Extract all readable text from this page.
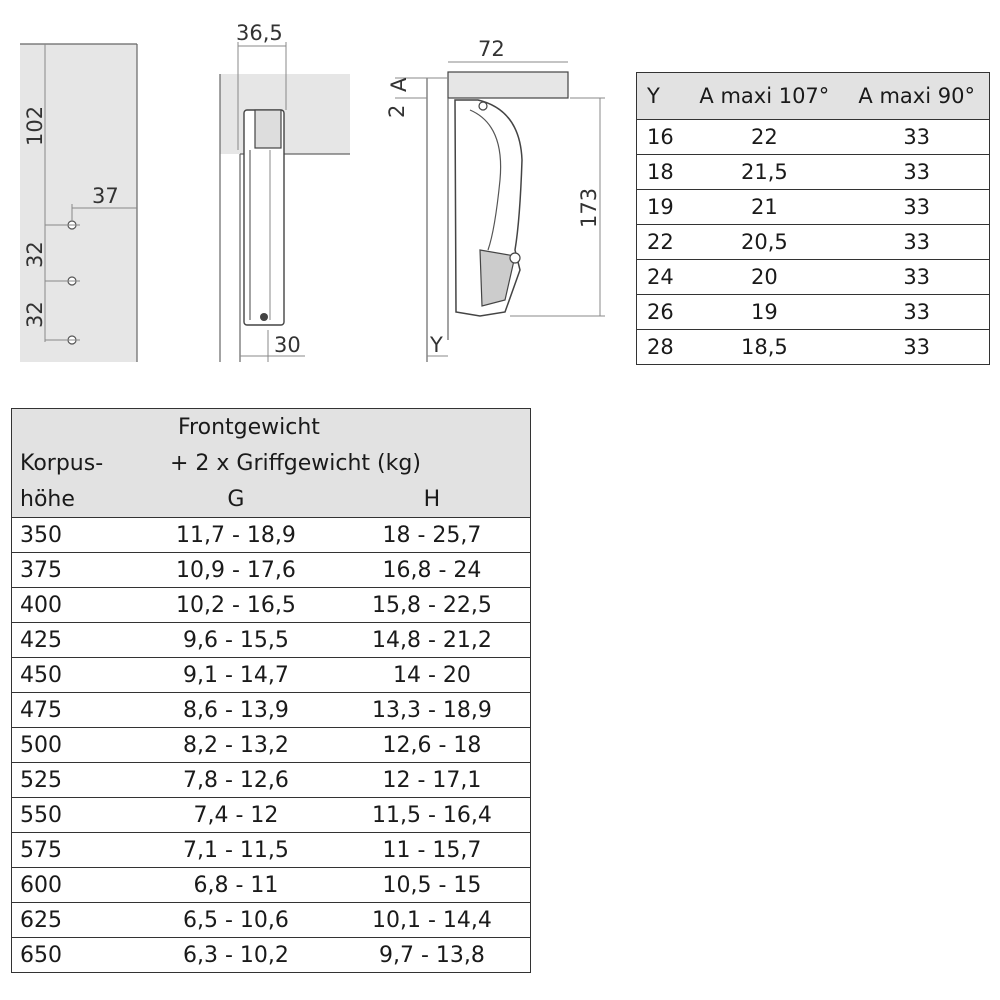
37
102
32
32
36,5
30
72
A
2
173
Y
Y	A maxi 107°	A maxi 90°
16	22	33
18	21,5	33
19	21	33
22	20,5	33
24	20	33
26	19	33
28	18,5	33
	Frontgewicht	
Korpus-	+ 2 x Griffgewicht (kg)	
höhe	G	H
350	11,7 - 18,9	18 - 25,7
375	10,9 - 17,6	16,8 - 24
400	10,2 - 16,5	15,8 - 22,5
425	9,6 - 15,5	14,8 - 21,2
450	9,1 - 14,7	14 - 20
475	8,6 - 13,9	13,3 - 18,9
500	8,2 - 13,2	12,6 - 18
525	7,8 - 12,6	12 - 17,1
550	7,4 - 12	11,5 - 16,4
575	7,1 - 11,5	11 - 15,7
600	6,8 - 11	10,5 - 15
625	6,5 - 10,6	10,1 - 14,4
650	6,3 - 10,2	9,7 - 13,8
